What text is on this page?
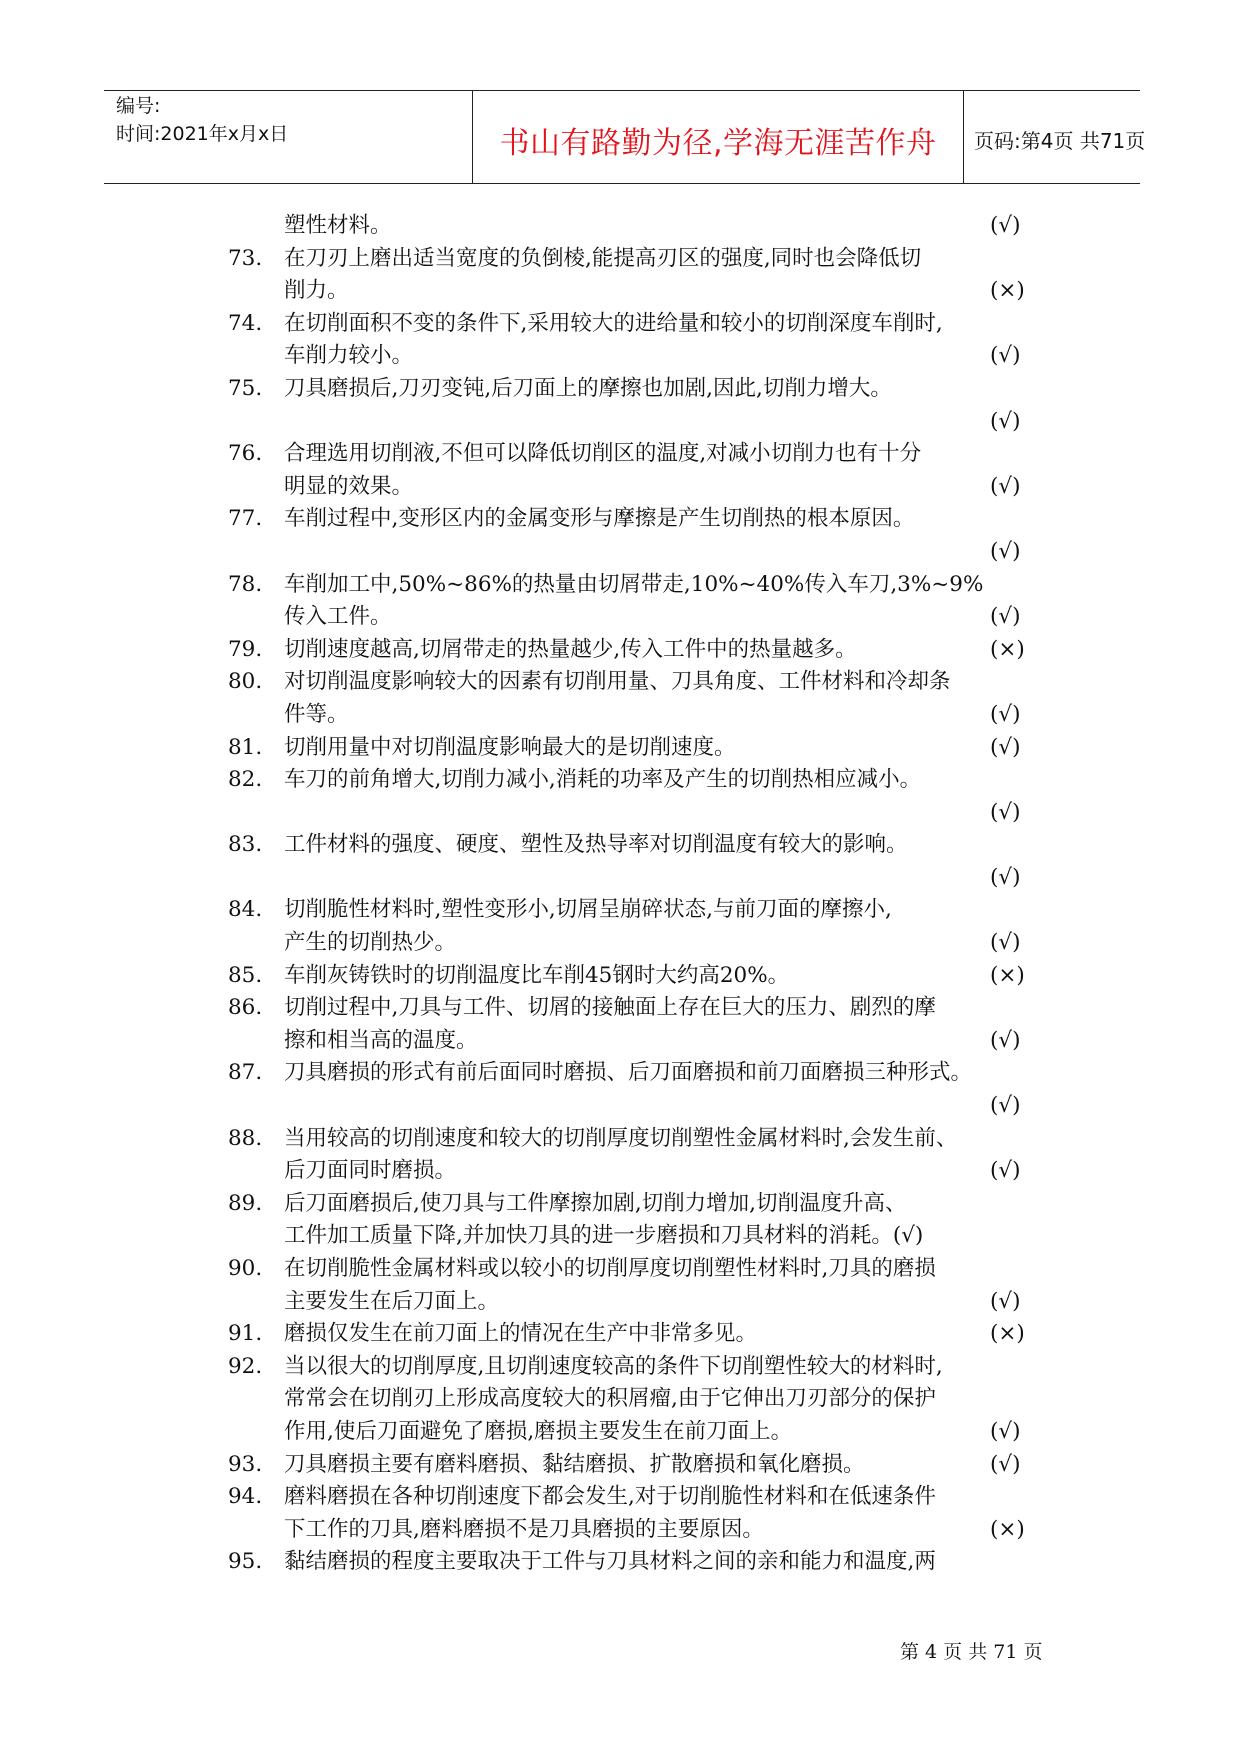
编号:
时间:2021年x月x日	书山有路勤为径,学海无涯苦作舟	页码:第4页 共71页
塑性材料。	(√)
73. 在刀刃上磨出适当宽度的负倒棱,能提高刃区的强度,同时也会降低切
削力。	(×)
74. 在切削面积不变的条件下,采用较大的进给量和较小的切削深度车削时,
车削力较小。	(√)
75. 刀具磨损后,刀刃变钝,后刀面上的摩擦也加剧,因此,切削力增大。
(√)
76. 合理选用切削液,不但可以降低切削区的温度,对减小切削力也有十分
明显的效果。	(√)
77. 车削过程中,变形区内的金属变形与摩擦是产生切削热的根本原因。
(√)
78. 车削加工中,50%~86%的热量由切屑带走,10%~40%传入车刀,3%~9%
传入工件。	(√)
79. 切削速度越高,切屑带走的热量越少,传入工件中的热量越多。	(×)
80. 对切削温度影响较大的因素有切削用量、刀具角度、工件材料和冷却条
件等。	(√)
81. 切削用量中对切削温度影响最大的是切削速度。	(√)
82. 车刀的前角增大,切削力减小,消耗的功率及产生的切削热相应减小。
(√)
83. 工件材料的强度、硬度、塑性及热导率对切削温度有较大的影响。
(√)
84. 切削脆性材料时,塑性变形小,切屑呈崩碎状态,与前刀面的摩擦小,
产生的切削热少。	(√)
85. 车削灰铸铁时的切削温度比车削45钢时大约高20%。	(×)
86. 切削过程中,刀具与工件、切屑的接触面上存在巨大的压力、剧烈的摩
擦和相当高的温度。	(√)
87. 刀具磨损的形式有前后面同时磨损、后刀面磨损和前刀面磨损三种形式。
(√)
88. 当用较高的切削速度和较大的切削厚度切削塑性金属材料时,会发生前、
后刀面同时磨损。	(√)
89. 后刀面磨损后,使刀具与工件摩擦加剧,切削力增加,切削温度升高、
工件加工质量下降,并加快刀具的进一步磨损和刀具材料的消耗。(√)
90. 在切削脆性金属材料或以较小的切削厚度切削塑性材料时,刀具的磨损
主要发生在后刀面上。	(√)
91. 磨损仅发生在前刀面上的情况在生产中非常多见。	(×)
92. 当以很大的切削厚度,且切削速度较高的条件下切削塑性较大的材料时,
常常会在切削刃上形成高度较大的积屑瘤,由于它伸出刀刃部分的保护
作用,使后刀面避免了磨损,磨损主要发生在前刀面上。	(√)
93. 刀具磨损主要有磨料磨损、黏结磨损、扩散磨损和氧化磨损。	(√)
94. 磨料磨损在各种切削速度下都会发生,对于切削脆性材料和在低速条件
下工作的刀具,磨料磨损不是刀具磨损的主要原因。	(×)
95. 黏结磨损的程度主要取决于工件与刀具材料之间的亲和能力和温度,两
第 4 页 共 71 页
